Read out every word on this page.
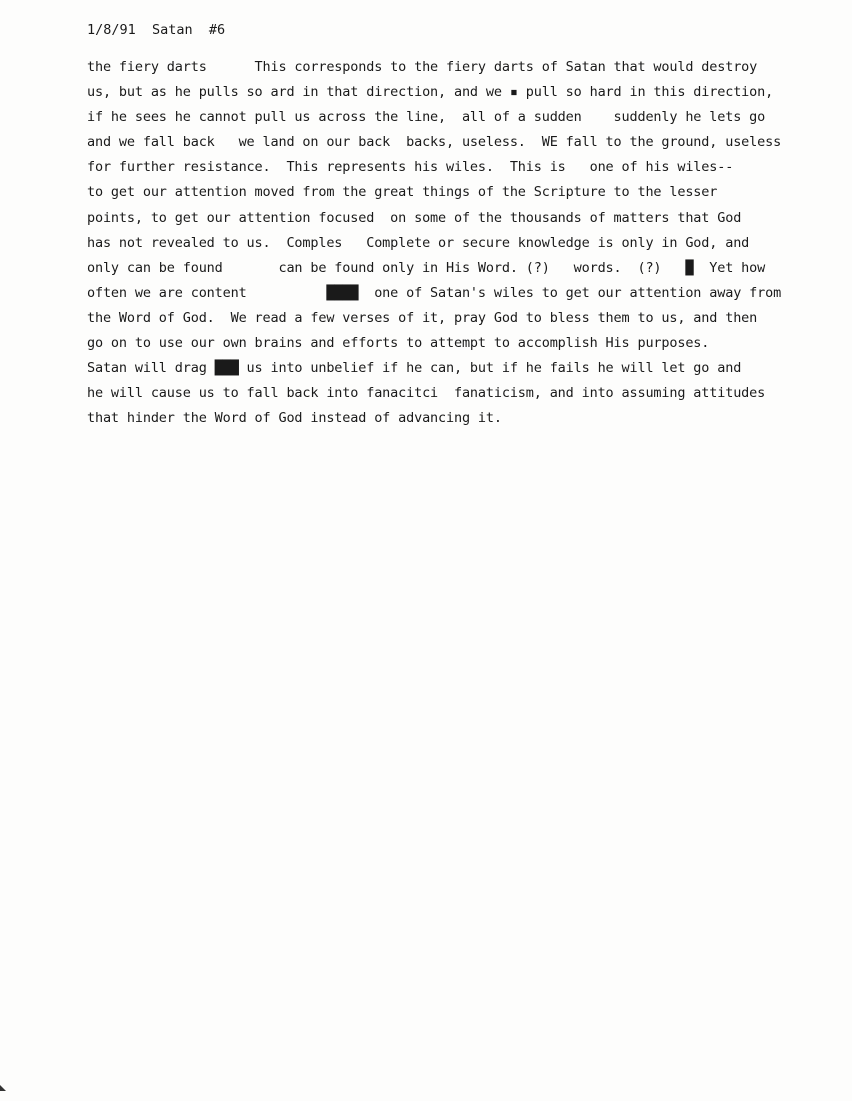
1/8/91  Satan  #6
the fiery darts      This corresponds to the fiery darts of Satan that would destroy
us, but as he pulls so ard in that direction, and we ▪ pull so hard in this direction,
if he sees he cannot pull us across the line,  all of a sudden    suddenly he lets go
and we fall back   we land on our back  backs, useless.  WE fall to the ground, useless
for further resistance.  This represents his wiles.  This is   one of his wiles--
to get our attention moved from the great things of the Scripture to the lesser
points, to get our attention focused  on some of the thousands of matters that God
has not revealed to us.  Comples   Complete or secure knowledge is only in God, and
only can be found       can be found only in His Word. (?)   words.  (?)   █  Yet how
often we are content          ████  one of Satan's wiles to get our attention away from
the Word of God.  We read a few verses of it, pray God to bless them to us, and then
go on to use our own brains and efforts to attempt to accomplish His purposes.
Satan will drag ███ us into unbelief if he can, but if he fails he will let go and
he will cause us to fall back into fanacitci  fanaticism, and into assuming attitudes
that hinder the Word of God instead of advancing it.
